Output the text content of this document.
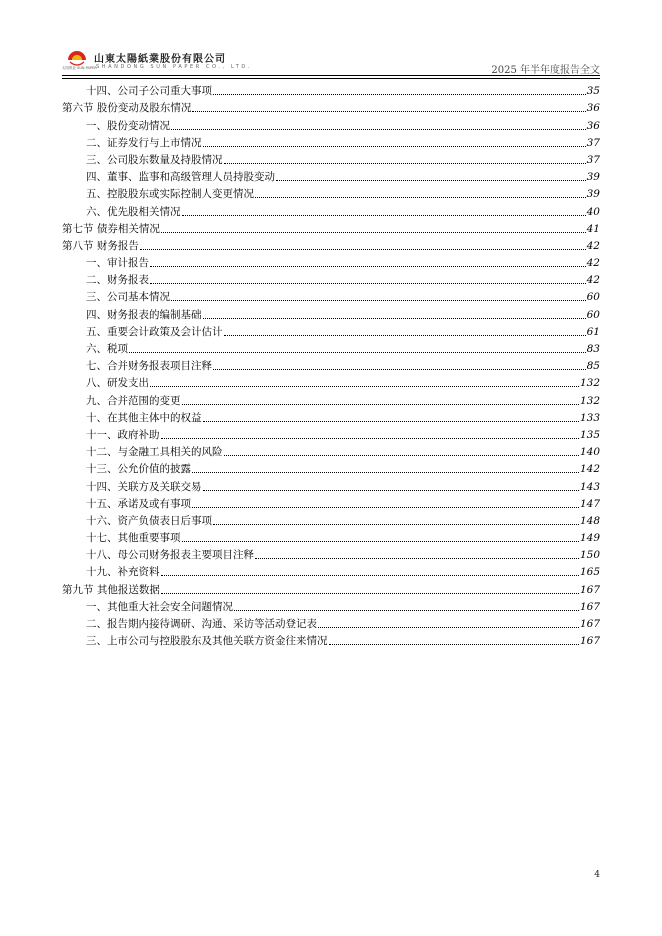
太阳纸业 SUN PAPER
山東太陽紙業股份有限公司
SHANDONG SUN PAPER CO., LTD.	2025 年半年度报告全文
十四、公司子公司重大事项	35
第六节 股份变动及股东情况	36
一、股份变动情况	36
二、证券发行与上市情况	37
三、公司股东数量及持股情况	37
四、董事、监事和高级管理人员持股变动	39
五、控股股东或实际控制人变更情况	39
六、优先股相关情况	40
第七节 债券相关情况	41
第八节 财务报告	42
一、审计报告	42
二、财务报表	42
三、公司基本情况	60
四、财务报表的编制基础	60
五、重要会计政策及会计估计	61
六、税项	83
七、合并财务报表项目注释	85
八、研发支出	132
九、合并范围的变更	132
十、在其他主体中的权益	133
十一、政府补助	135
十二、与金融工具相关的风险	140
十三、公允价值的披露	142
十四、关联方及关联交易	143
十五、承诺及或有事项	147
十六、资产负债表日后事项	148
十七、其他重要事项	149
十八、母公司财务报表主要项目注释	150
十九、补充资料	165
第九节 其他报送数据	167
一、其他重大社会安全问题情况	167
二、报告期内接待调研、沟通、采访等活动登记表	167
三、上市公司与控股股东及其他关联方资金往来情况	167
4
